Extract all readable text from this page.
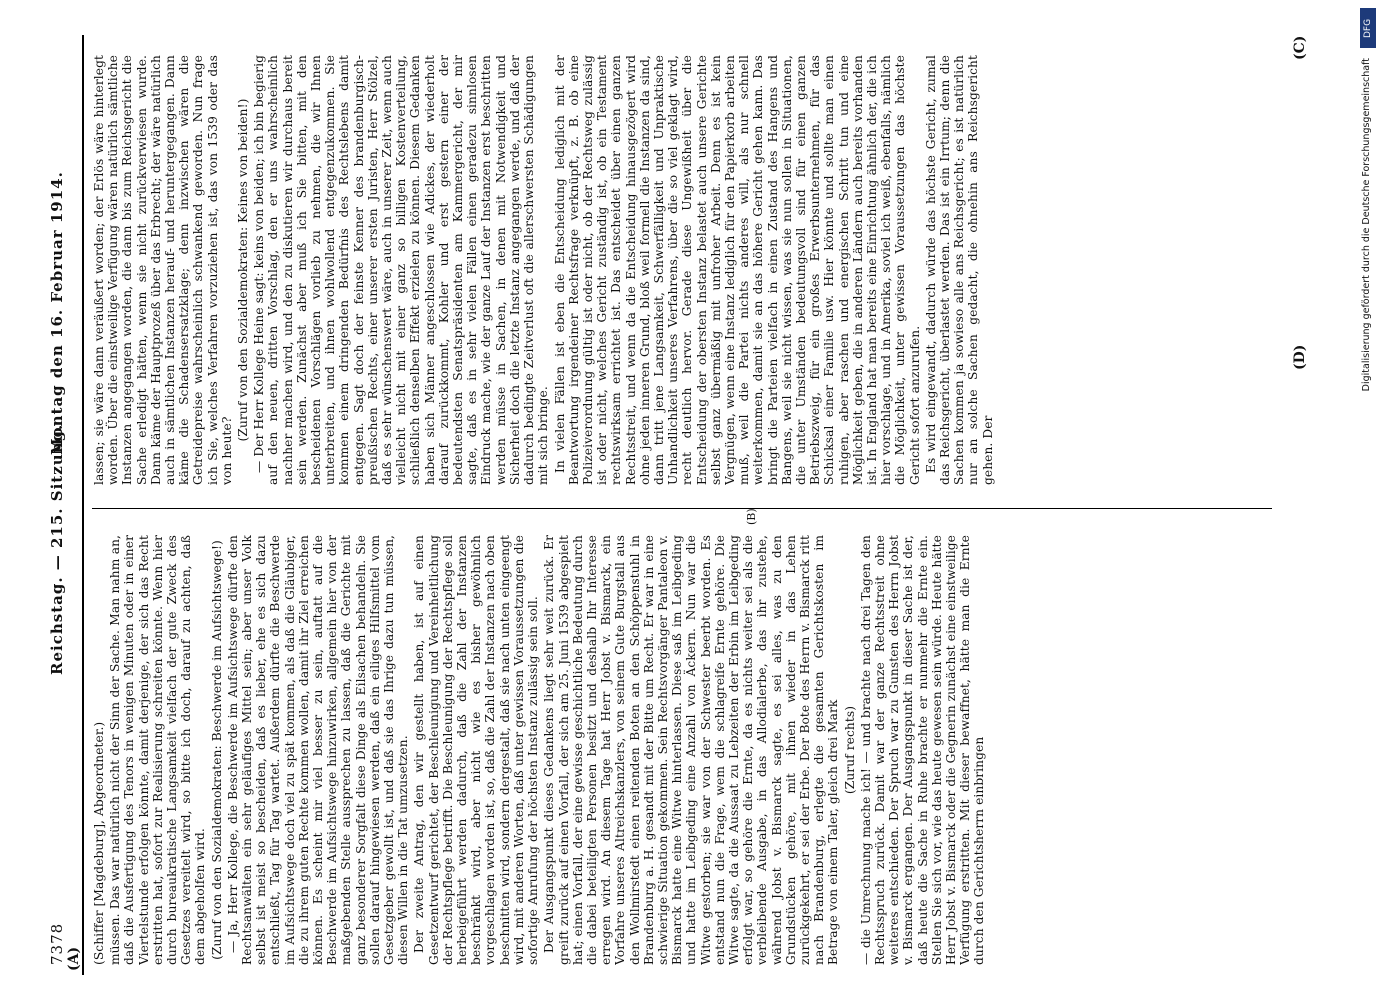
7378
Reichstag. — 215. Sitzung.
Montag den 16. Februar 1914.

(Schiffer [Magdeburg], Abgeordneter.) müssen. Das war natürlich nicht der Sinn der Sache. Man nahm an, daß die Ausfertigung des Tenors in wenigen Minuten oder in einer Viertelstunde erfolgen könnte, damit derjenige, der sich das Recht erstritten hat, sofort zur Realisierung schreiten könnte. Wenn hier durch bureaukratische Langsamkeit vielfach der gute Zweck des Gesetzes vereitelt wird, so bitte ich doch, darauf zu achten, daß dem abgeholfen wird. (Zuruf von den Sozialdemokraten: Beschwerde im Aufsichtswege!) — Ja, Herr Kollege, die Beschwerde im Aufsichtswege dürfte den Rechtsanwälten ein sehr geläufiges Mittel sein; aber unser Volk selbst ist meist so bescheiden, daß es lieber, ehe es sich dazu entschließt, Tag für Tag wartet. Außerdem dürfte die Beschwerde im Aufsichtswege doch viel zu spät kommen, als daß die Gläubiger, die zu ihrem guten Rechte kommen wollen, damit ihr Ziel erreichen können. Es scheint mir viel besser zu sein, auftatt auf die Beschwerde im Aufsichtswege hinzuwirken, allgemein hier von der maßgebenden Stelle aussprechen zu lassen, daß die Gerichte mit ganz besonderer Sorgfalt diese Dinge als Eilsachen behandeln. Sie sollen darauf hingewiesen werden, daß ein eiliges Hilfsmittel vom Gesetzgeber gewollt ist, und daß sie das Ihrige dazu tun müssen, diesen Willen in die Tat umzusetzen. Der zweite Antrag, den wir gestellt haben, ist auf einen Gesetzentwurf gerichtet, der Beschleunigung und Vereinheitlichung der Rechtspflege betrifft. Die Beschleunigung der Rechtspflege soll herbeigeführt werden dadurch, daß die Zahl der Instanzen beschränkt wird, aber nicht wie es bisher gewöhnlich vorgeschlagen worden ist, so, daß die Zahl der Instanzen nach oben beschnitten wird, sondern dergestalt, daß sie nach unten eingeengt wird, mit anderen Worten, daß unter gewissen Voraussetzungen die sofortige Anrufung der höchsten Instanz zulässig sein soll. Der Ausgangspunkt dieses Gedankens liegt sehr weit zurück. Er greift zurück auf einen Vorfall, der sich am 25. Juni 1539 abgespielt hat; einen Vorfall, der eine gewisse geschichtliche Bedeutung durch die dabei beteiligten Personen besitzt und deshalb Ihr Interesse erregen wird. An diesem Tage hat Herr Jobst v. Bismarck, ein Vorfahre unseres Altreichskanzlers, von seinem Gute Burgstall aus den Wollmirstedt einen reitenden Boten an den Schöppenstuhl in Brandenburg a. H. gesandt mit der Bitte um Recht. Er war in eine schwierige Situation gekommen. Sein Rechtsvorgänger Pantaleon v. Bismarck hatte eine Witwe hinterlassen. Diese saß im Leibgeding und hatte im Leibgeding eine Anzahl von Äckern. Nun war die Witwe gestorben; sie war von der Schwester beerbt worden. Es entstand nun die Frage, wem die schlagreife Ernte gehöre. Die Witwe sagte, da die Aussaat zu Lebzeiten der Erbin im Leibgeding erfolgt war, so gehöre die Ernte, da es nichts weiter sei als die verbleibende Ausgabe, in das Allodialerbe, das ihr zustehe, während Jobst v. Bismarck sagte, es sei alles, was zu den Grundstücken gehöre, mit ihnen wieder in das Lehen zurückgekehrt, er sei der Erbe. Der Bote des Herrn v. Bismarck ritt nach Brandenburg, erlegte die gesamten Gerichtskosten im Betrage von einem Taler, gleich drei Mark (Zuruf rechts) — die Umrechnung mache ich! — und brachte nach drei Tagen den Rechtsspruch zurück. Damit war der ganze Rechtsstreit ohne weiteres entschieden. Der Spruch war zu Gunsten des Herrn Jobst v. Bismarck ergangen. Der Ausgangspunkt in dieser Sache ist der, daß heute die Sache in Ruhe brachte er nunmehr die Ernte ein. Stellen Sie sich vor, wie das heute gewesen sein würde. Heute hätte Herr Jobst v. Bismarck oder die Gegnerin zunächst eine einstweilige Verfügung erstritten. Mit dieser bewaffnet, hätte man die Ernte durch den Gerichtsherrn einbringen

lassen; sie wäre dann veräußert worden; der Erlös wäre hinterlegt worden. Über die einstweilige Verfügung wären natürlich sämtliche Instanzen angegangen worden, die dann bis zum Reichsgericht die Sache erledigt hätten, wenn sie nicht zurückverwiesen wurde. Dann käme der Hauptprozeß über das Erbrecht; der wäre natürlich auch in sämtlichen Instanzen herauf- und heruntergegangen. Dann käme die Schadensersatzklage; denn inzwischen wären die Getreidepreise wahrscheinlich schwankend geworden. Nun frage ich Sie, welches Verfahren vorzuziehen ist, das von 1539 oder das von heute?

(Zuruf von den Sozialdemokraten: Keines von beiden!) — Der Herr Kollege Heine sagt: keins von beiden; ich bin begierig auf den neuen, dritten Vorschlag, den er uns wahrscheinlich nachher machen wird, und den zu diskutieren wir durchaus bereit sein werden. Zunächst aber muß ich Sie bitten, mit den bescheidenen Vorschlägen vorlieb zu nehmen, die wir Ihnen unterbreiten, und ihnen wohlwollend entgegenzukommen. Sie kommen einem dringenden Bedürfnis des Rechtslebens damit entgegen. Sagt doch der feinste Kenner des brandenburgisch-preußischen Rechts, einer unserer ersten Juristen, Herr Stölzel, daß es sehr wünschenswert wäre, auch in unserer Zeit, wenn auch vielleicht nicht mit einer ganz so billigen Kostenverteilung, schließlich denselben Effekt erzielen zu können. Diesem Gedanken haben sich Männer angeschlossen wie Adickes, der wiederholt darauf zurückkommt, Kohler und erst gestern einer der bedeutendsten Senatspräsidenten am Kammergericht, der mir sagte, daß es in sehr vielen Fällen einen geradezu sinnlosen Eindruck mache, wie der ganze Lauf der Instanzen erst beschritten werden müsse in Sachen, in denen mit Notwendigkeit und Sicherheit doch die letzte Instanz angegangen werde, und daß der dadurch bedingte Zeitverlust oft die allerschwersten Schädigungen mit sich bringe. In vielen Fällen ist eben die Entscheidung lediglich mit der Beantwortung irgendeiner Rechtsfrage verknüpft, z. B. ob eine Polizeiverordnung gültig ist oder nicht, ob der Rechtsweg zulässig ist oder nicht, welches Gericht zuständig ist, ob ein Testament rechtswirksam errichtet ist. Das entscheidet über einen ganzen Rechtsstreit, und wenn da die Entscheidung hinausgezögert wird ohne jeden inneren Grund, bloß weil formell die Instanzen da sind, dann tritt jene Langsamkeit, Schwerfälligkeit und Unpraktische Unhandlichkeit unseres Verfahrens, über die so viel geklagt wird, recht deutlich hervor. Gerade diese Ungewißheit über die Entscheidung der obersten Instanz belastet auch unsere Gerichte selbst ganz übermäßig mit unfroher Arbeit. Denn es ist kein Vergnügen, wenn eine Instanz lediglich für den Papierkorb arbeiten muß, weil die Partei nichts anderes will, als nur schnell weiterkommen, damit sie an das höhere Gericht gehen kann. Das bringt die Parteien vielfach in einen Zustand des Hangens und Bangens, weil sie nicht wissen, was sie nun sollen in Situationen, die unter Umständen bedeutungsvoll sind für einen ganzen Betriebszweig, für ein großes Erwerbsunternehmen, für das Schicksal einer Familie usw. Hier könnte und sollte man einen ruhigen, aber raschen und energischen Schritt tun und eine Möglichkeit geben, die in anderen Ländern auch bereits vorhanden ist. In England hat man bereits eine Einrichtung ähnlich der, die ich hier vorschlage, und in Amerika, soviel ich weiß, ebenfalls, nämlich die Möglichkeit, unter gewissen Voraussetzungen das höchste Gericht sofort anzurufen. Es wird eingewandt, dadurch würde das höchste Gericht, zumal das Reichsgericht, überlastet werden. Das ist ein Irrtum; denn die Sachen kommen ja sowieso alle ans Reichsgericht; es ist natürlich nur an solche Sachen gedacht, die ohnehin ans Reichsgericht gehen. Der

(A)
(B)
(C)
(D)
DFG
Digitalisierung gefördert durch die Deutsche Forschungsgemeinschaft
